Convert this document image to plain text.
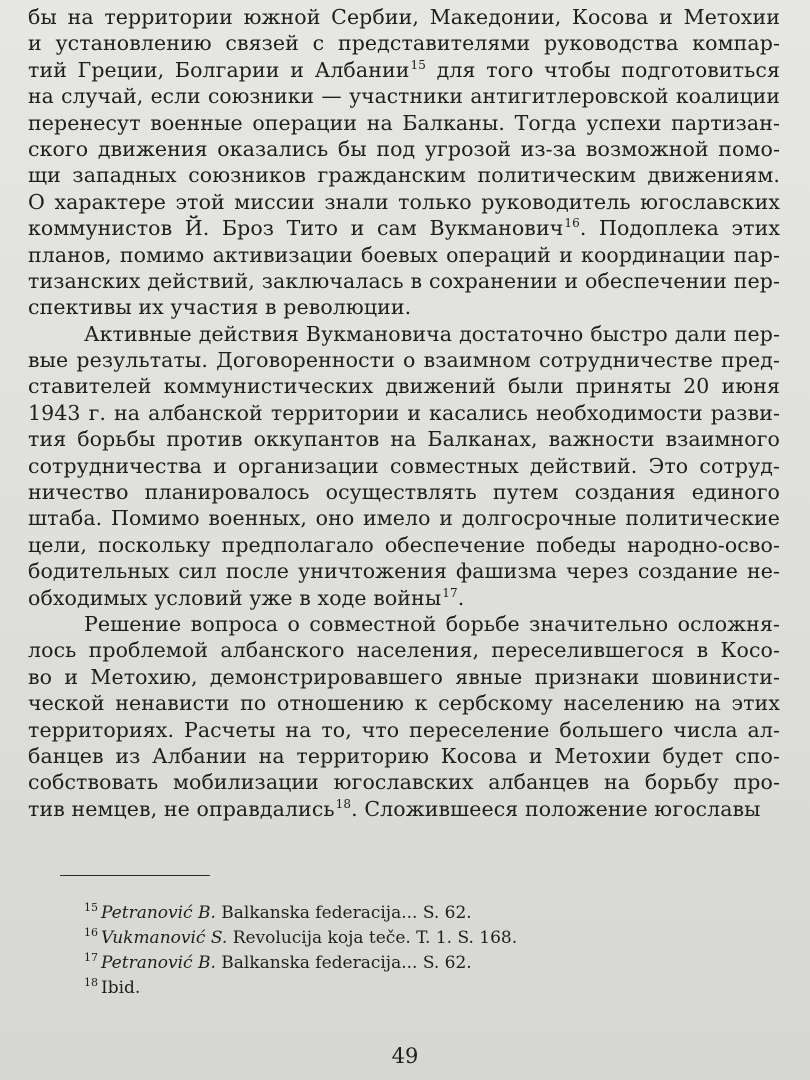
бы на территории южной Сербии, Македонии, Косова и Метохии
и установлению связей с представителями руководства компар-
тий Греции, Болгарии и Албании$^{15}$ для того чтобы подготовиться
на случай, если союзники — участники антигитлеровской коалиции
перенесут военные операции на Балканы. Тогда успехи партизан-
ского движения оказались бы под угрозой из-за возможной помо-
щи западных союзников гражданским политическим движениям.
О характере этой миссии знали только руководитель югославских
коммунистов Й. Броз Тито и сам Вукманович$^{16}$. Подоплека этих
планов, помимо активизации боевых операций и координации пар-
тизанских действий, заключалась в сохранении и обеспечении пер-
спективы их участия в революции.
Активные действия Вукмановича достаточно быстро дали пер-
вые результаты. Договоренности о взаимном сотрудничестве пред-
ставителей коммунистических движений были приняты 20 июня
1943 г. на албанской территории и касались необходимости разви-
тия борьбы против оккупантов на Балканах, важности взаимного
сотрудничества и организации совместных действий. Это сотруд-
ничество планировалось осуществлять путем создания единого
штаба. Помимо военных, оно имело и долгосрочные политические
цели, поскольку предполагало обеспечение победы народно-осво-
бодительных сил после уничтожения фашизма через создание не-
обходимых условий уже в ходе войны$^{17}$.
Решение вопроса о совместной борьбе значительно осложня-
лось проблемой албанского населения, переселившегося в Косо-
во и Метохию, демонстрировавшего явные признаки шовинисти-
ческой ненависти по отношению к сербскому населению на этих
территориях. Расчеты на то, что переселение большего числа ал-
банцев из Албании на территорию Косова и Метохии будет спо-
собствовать мобилизации югославских албанцев на борьбу про-
тив немцев, не оправдались$^{18}$. Сложившееся положение югославы
$^{15}$ Petranović B. Balkanska federacija... S. 62.
$^{16}$ Vukmanović S. Revolucija koja teče. T. 1. S. 168.
$^{17}$ Petranović B. Balkanska federacija... S. 62.
$^{18}$ Ibid.
49
